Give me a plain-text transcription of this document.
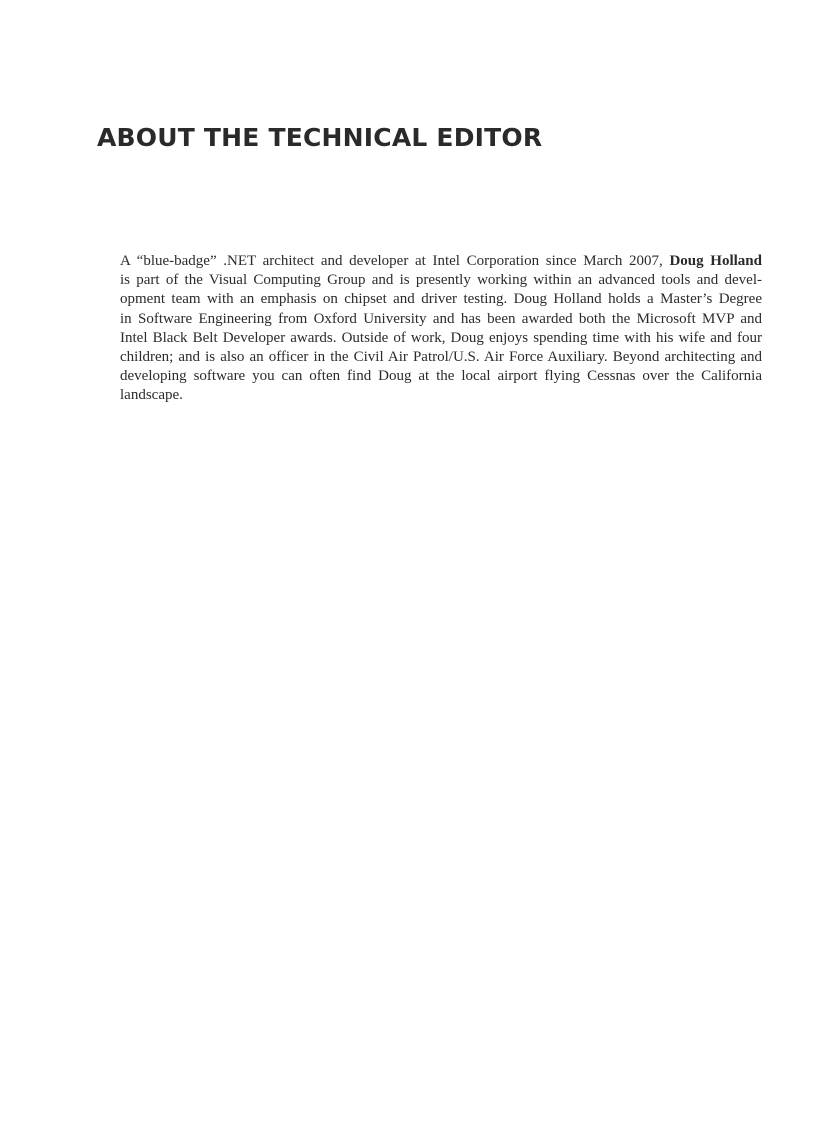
ABOUT THE TECHNICAL EDITOR
A “blue-badge” .NET architect and developer at Intel Corporation since March 2007, Doug Holland
is part of the Visual Computing Group and is presently working within an advanced tools and devel-
opment team with an emphasis on chipset and driver testing. Doug Holland holds a Master’s Degree
in Software Engineering from Oxford University and has been awarded both the Microsoft MVP and
Intel Black Belt Developer awards. Outside of work, Doug enjoys spending time with his wife and four
children; and is also an officer in the Civil Air Patrol/U.S. Air Force Auxiliary. Beyond architecting and
developing software you can often find Doug at the local airport flying Cessnas over the California
landscape.
